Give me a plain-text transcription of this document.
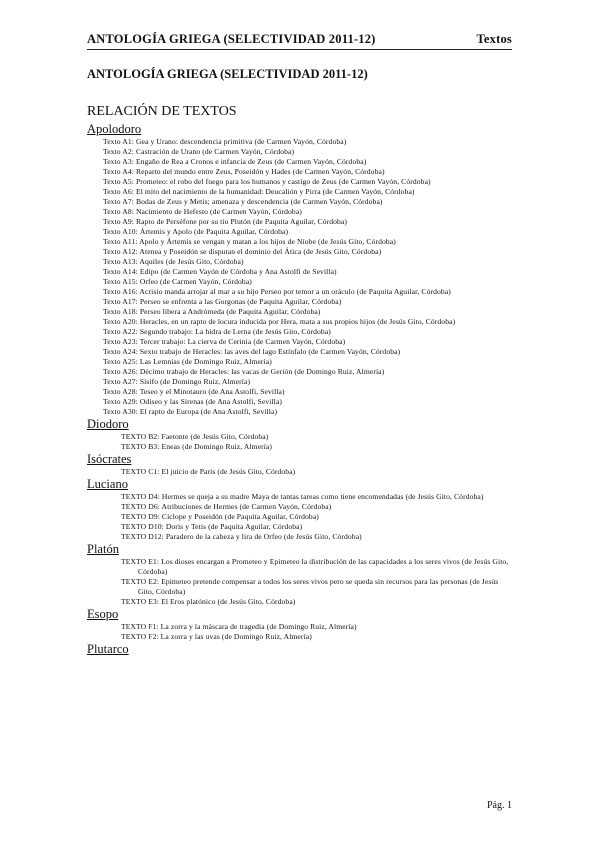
ANTOLOGÍA GRIEGA (SELECTIVIDAD 2011-12)	Textos
ANTOLOGÍA GRIEGA (SELECTIVIDAD 2011-12)
RELACIÓN DE TEXTOS

Apolodoro

Texto A1: Gea y Urano: descendencia primitiva (de Carmen Vayón, Córdoba)

Texto A2: Castración de Urano (de Carmen Vayón, Córdoba)

Texto A3: Engaño de Rea a Cronos e infancia de Zeus (de Carmen Vayón, Córdoba)

Texto A4: Reparto del mundo entre Zeus, Poseidón y Hades (de Carmen Vayón, Córdoba)

Texto A5: Prometeo: el robo del fuego para los humanos y castigo de Zeus (de Carmen Vayón, Córdoba)

Texto A6: El mito del nacimiento de la humanidad: Deucalión y Pirra (de Carmen Vayón, Córdoba)

Texto A7: Bodas de Zeus y Metis; amenaza y descendencia (de Carmen Vayón, Córdoba)

Texto A8: Nacimiento de Hefesto (de Carmen Vayón, Córdoba)

Texto A9: Rapto de Perséfone por su tío Plutón (de Paquita Aguilar, Córdoba)

Texto A10: Ártemis y Apolo (de Paquita Aguilar, Córdoba)

Texto A11: Apolo y Ártemis se vengan y matan a los hijos de Níobe (de Jesús Gito, Córdoba)

Texto A12: Atenea y Poseidón se disputan el dominio del Ática (de Jesús Gito, Córdoba)

Texto A13: Aquiles (de Jesús Gito, Córdoba)

Texto A14: Edipo (de Carmen Vayón de Córdoba y Ana Astolfi de Sevilla)

Texto A15: Orfeo (de Carmen Vayón, Córdoba)

Texto A16: Acrisio manda arrojar al mar a su hijo Perseo por temor a un oráculo (de Paquita Aguilar, Córdoba)

Texto A17: Perseo se enfrenta a las Gorgonas (de Paquita Aguilar, Córdoba)

Texto A18: Perseo libera a Andrómeda (de Paquita Aguilar, Córdoba)

Texto A20: Heracles, en un rapto de locura inducida por Hera, mata a sus propios hijos (de Jesús Gito, Córdoba)

Texto A22: Segundo trabajo: La hidra de Lerna (de Jesús Gito, Córdoba)

Texto A23: Tercer trabajo: La cierva de Cerinia (de Carmen Vayón, Córdoba)

Texto A24: Sexto trabajo de Heracles: las aves del lago Estínfalo (de Carmen Vayón, Córdoba)

Texto A25: Las Lemnias (de Domingo Ruiz, Almería)

Texto A26: Décimo trabajo de Heracles: las vacas de Gerión (de Domingo Ruiz, Almería)

Texto A27: Sísifo (de Domingo Ruiz, Almería)

Texto A28: Teseo y el Minotauro (de Ana Astolfi, Sevilla)

Texto A29: Odiseo y las Sirenas (de Ana Astolfi, Sevilla)

Texto A30: El rapto de Europa (de Ana Astolfi, Sevilla)

Diodoro

TEXTO B2: Faetonte (de Jesús Gito, Córdoba)

TEXTO B3: Eneas (de Domingo Ruiz, Almería)

Isócrates

TEXTO C1: El juicio de Paris (de Jesús Gito, Córdoba)

Luciano

TEXTO D4: Hermes se queja a su madre Maya de tantas tareas como tiene encomendadas (de Jesús Gito, Córdoba)

TEXTO D6: Atribuciones de Hermes (de Carmen Vayón, Córdoba)

TEXTO D9: Cíclope y Poseidón (de Paquita Aguilar, Córdoba)

TEXTO D10: Doris y Tetis (de Paquita Aguilar, Córdoba)

TEXTO D12: Paradero de la cabeza y lira de Orfeo (de Jesús Gito, Córdoba)

Platón

TEXTO E1: Los dioses encargan a Prometeo y Epimeteo la distribución de las capacidades a los seres vivos (de Jesús Gito, Córdoba)

TEXTO E2: Epimeteo pretende compensar a todos los seres vivos pero se queda sin recursos para las personas (de Jesús Gito, Córdoba)

TEXTO E3: El Eros platónico (de Jesús Gito, Córdoba)

Esopo

TEXTO F1: La zorra y la máscara de tragedia (de Domingo Ruiz, Almería)

TEXTO F2: La zorra y las uvas (de Domingo Ruiz, Almería)

Plutarco

Pág. 1
